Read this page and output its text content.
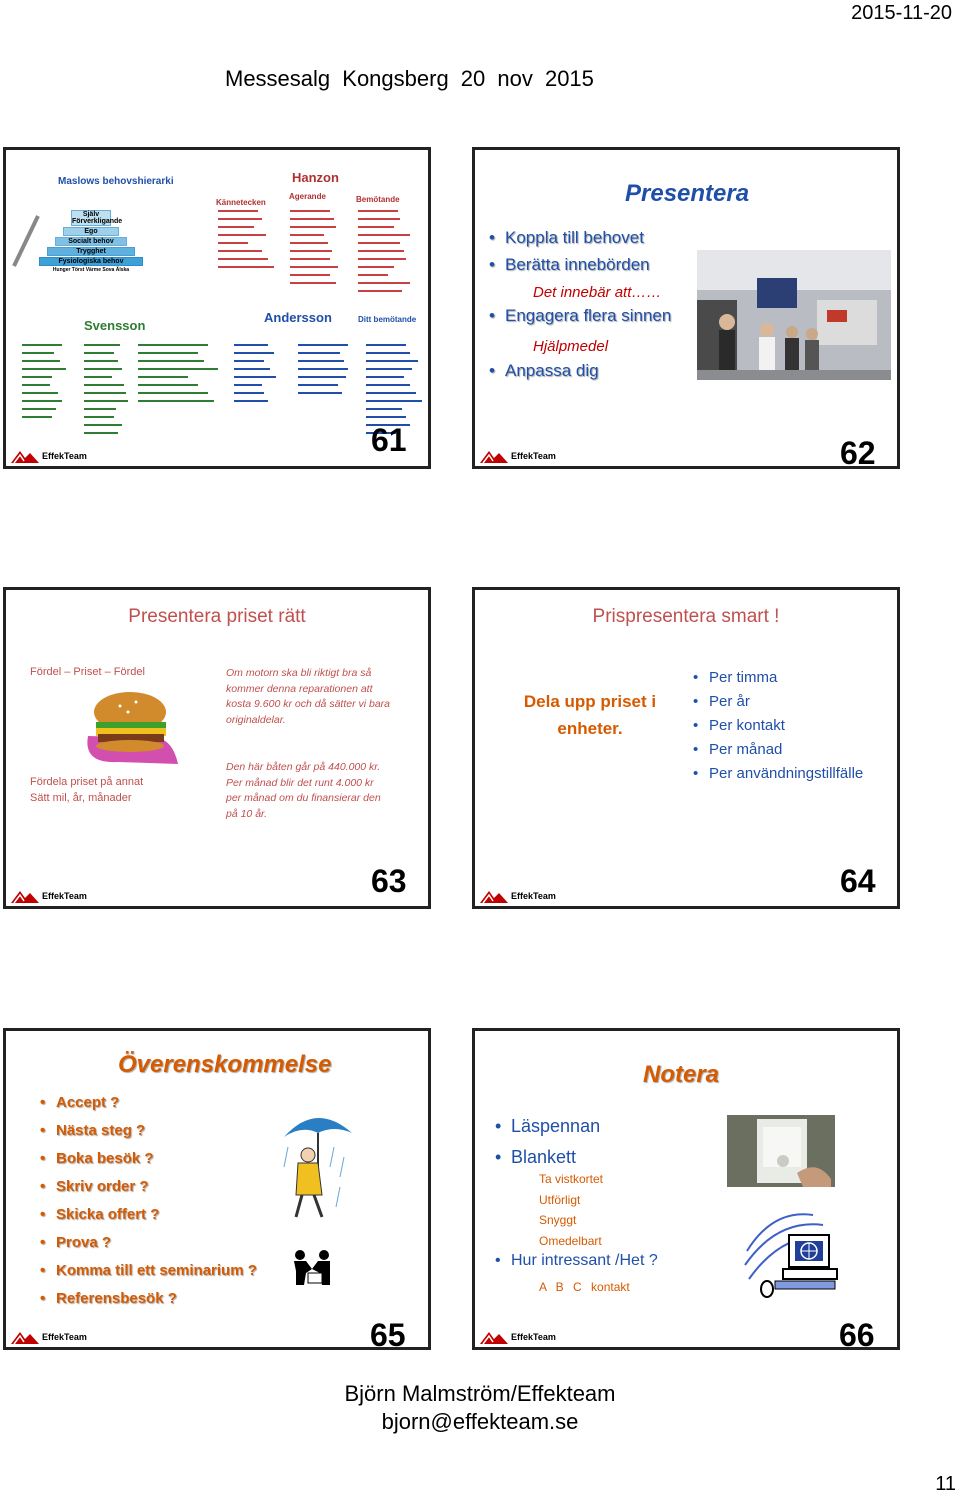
2015-11-20
Messesalg Kongsberg 20 nov 2015
Maslows behovshierarki
Själv Förverkligande
Ego
Socialt behov
Trygghet
Fysiologiska behov
Hunger Törst Värme Sova Älska
Hanzon
Kännetecken
Agerande	Bemötande
Svensson
Andersson	Ditt bemötande
61
EffekTeam
Presentera
• Koppla till behovet
• Berätta innebörden
Det innebär att……
• Engagera flera sinnen
Hjälpmedel
• Anpassa dig
62
EffekTeam
Presentera priset rätt
Fördel – Priset – Fördel
Fördela priset på annat
Sätt mil, år, månader
Om motorn ska bli riktigt bra så kommer denna reparationen att kosta 9.600 kr och då sätter vi bara originaldelar.
Den här båten går på 440.000 kr. Per månad blir det runt 4.000 kr per månad om du finansierar den på 10 år.
63
EffekTeam
Prispresentera smart !
Dela upp priset i enheter.
• Per timma
• Per år
• Per kontakt
• Per månad
• Per användningstillfälle
64
EffekTeam
Överenskommelse
• Accept ?
• Nästa steg ?
• Boka besök ?
• Skriv order ?
• Skicka offert ?
• Prova ?
• Komma till ett seminarium ?
• Referensbesök ?
65
EffekTeam
Notera
• Läspennan
• Blankett
Ta vistkortet
Utförligt
Snyggt
Omedelbart
• Hur intressant /Het ?
A B C kontakt
66
EffekTeam
Björn Malmström/Effekteam
bjorn@effekteam.se
11
